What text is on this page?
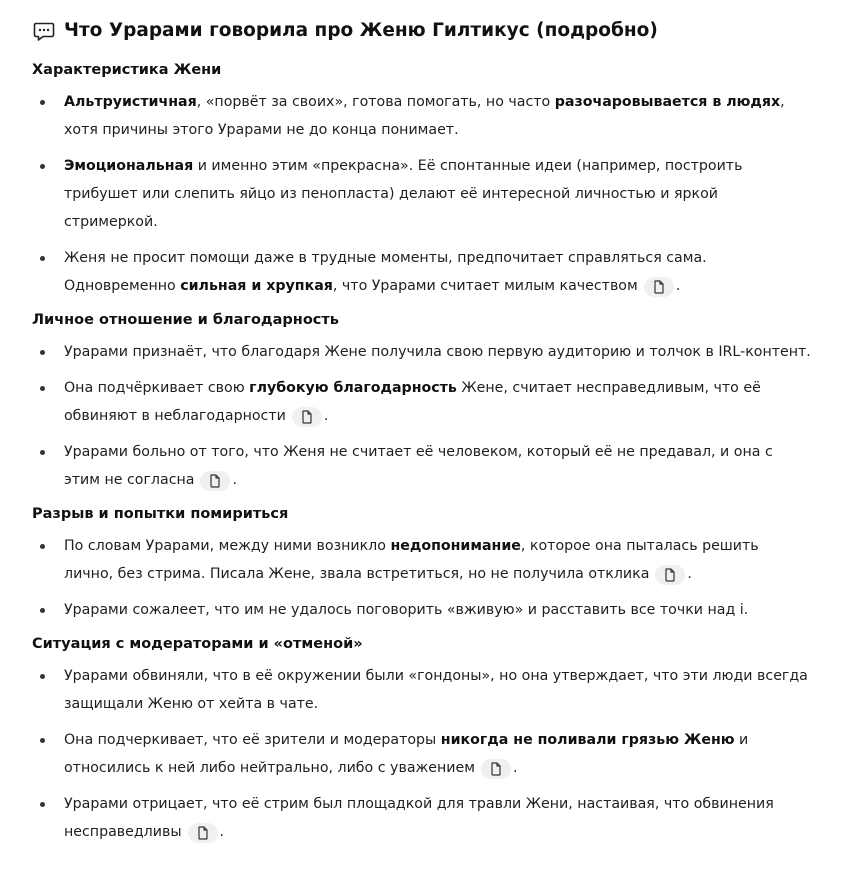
Что Урарами говорила про Женю Гилтикус (подробно)
Характеристика Жени
Альтруистичная, «порвёт за своих», готова помогать, но часто разочаровывается в людях, хотя причины этого Урарами не до конца понимает.
Эмоциональная и именно этим «прекрасна». Её спонтанные идеи (например, построить трибушет или слепить яйцо из пенопласта) делают её интересной личностью и яркой стримеркой.
Женя не просит помощи даже в трудные моменты, предпочитает справляться сама. Одновременно сильная и хрупкая, что Урарами считает милым качеством	.
Личное отношение и благодарность
Урарами признаёт, что благодаря Жене получила свою первую аудиторию и толчок в IRL-контент.
Она подчёркивает свою глубокую благодарность Жене, считает несправедливым, что её обвиняют в неблагодарности	.
Урарами больно от того, что Женя не считает её человеком, который её не предавал, и она с этим не согласна	.
Разрыв и попытки помириться
По словам Урарами, между ними возникло недопонимание, которое она пыталась решить лично, без стрима. Писала Жене, звала встретиться, но не получила отклика	.
Урарами сожалеет, что им не удалось поговорить «вживую» и расставить все точки над i.
Ситуация с модераторами и «отменой»
Урарами обвиняли, что в её окружении были «гондоны», но она утверждает, что эти люди всегда защищали Женю от хейта в чате.
Она подчеркивает, что её зрители и модераторы никогда не поливали грязью Женю и относились к ней либо нейтрально, либо с уважением	.
Урарами отрицает, что её стрим был площадкой для травли Жени, настаивая, что обвинения несправедливы	.
